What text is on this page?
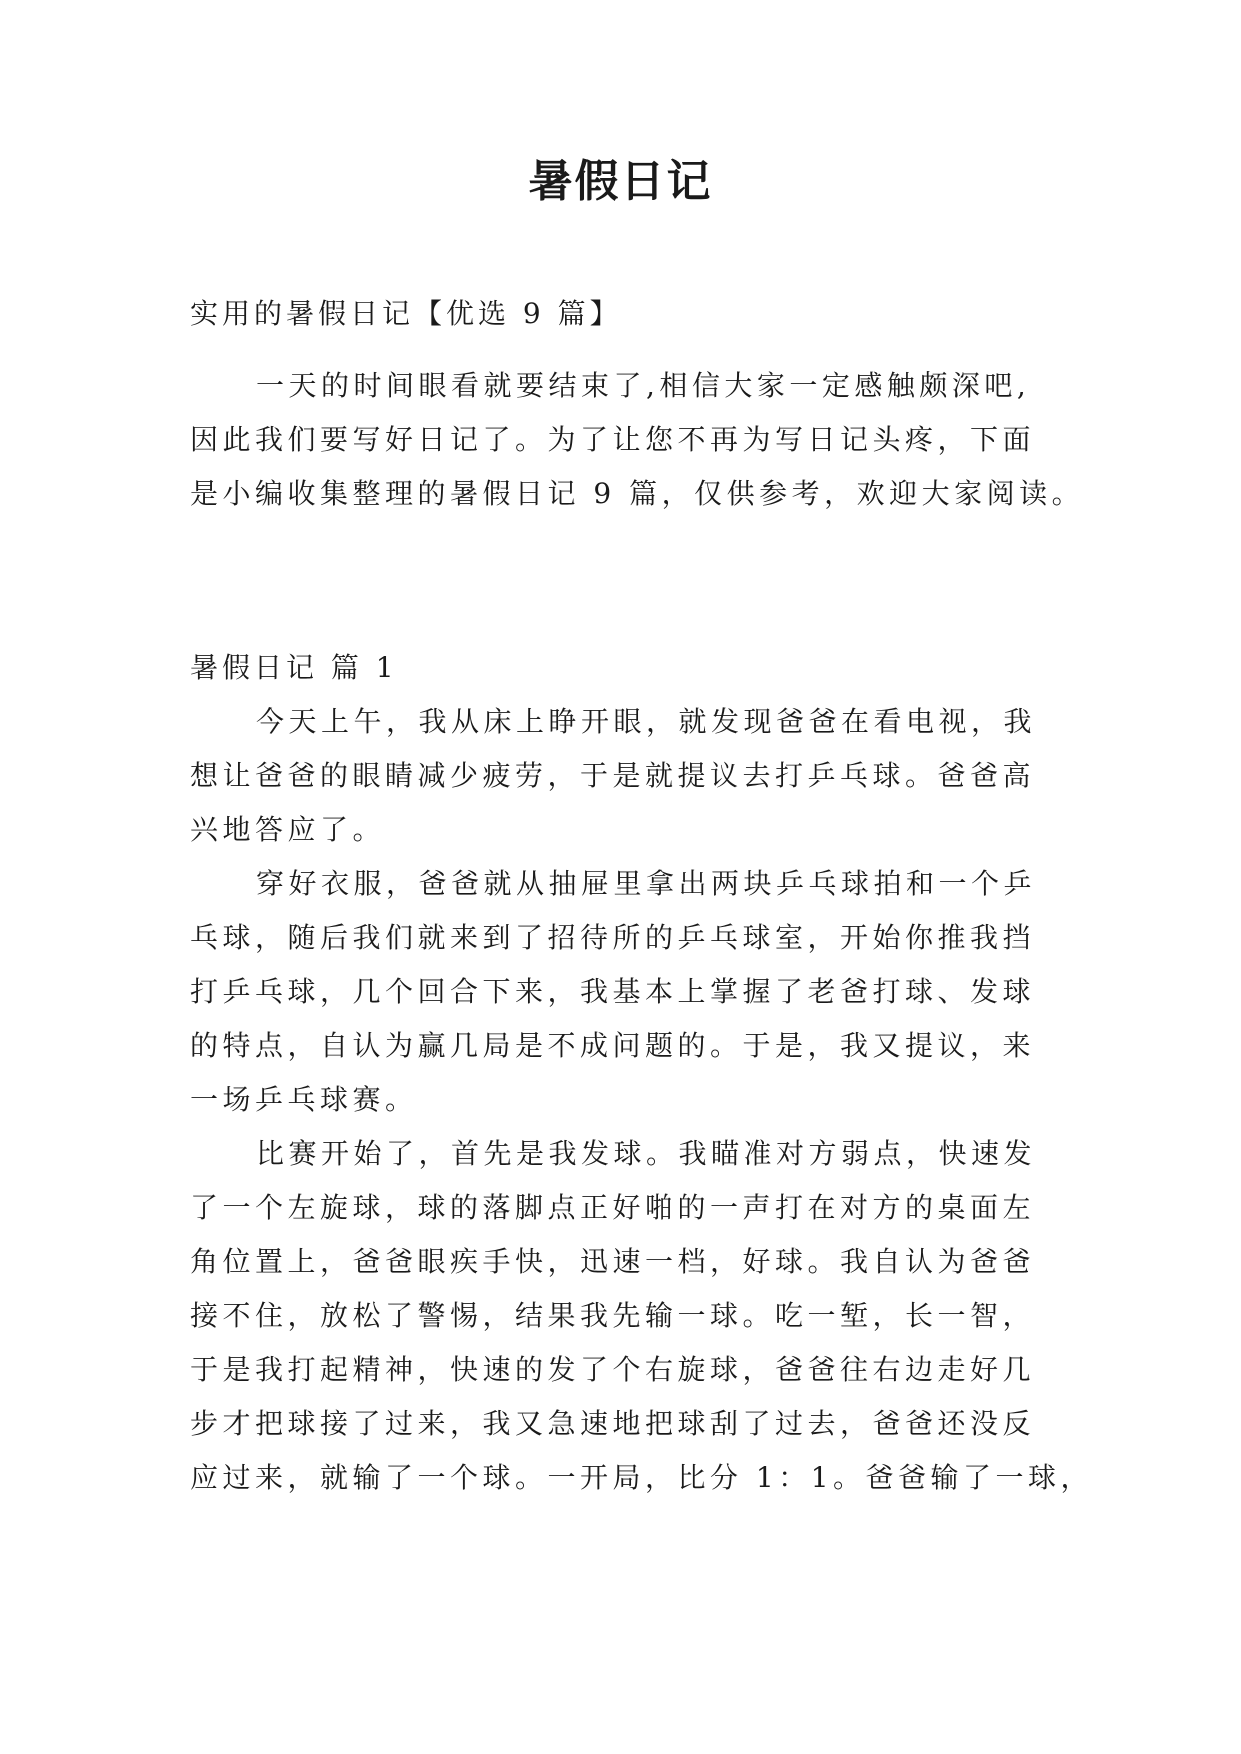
暑假日记
实用的暑假日记【优选 9 篇】
一天的时间眼看就要结束了,相信大家一定感触颇深吧,
因此我们要写好日记了。为了让您不再为写日记头疼，下面
是小编收集整理的暑假日记 9 篇，仅供参考，欢迎大家阅读。
暑假日记 篇 1
今天上午，我从床上睁开眼，就发现爸爸在看电视，我
想让爸爸的眼睛减少疲劳，于是就提议去打乒乓球。爸爸高
兴地答应了。
穿好衣服，爸爸就从抽屉里拿出两块乒乓球拍和一个乒
乓球，随后我们就来到了招待所的乒乓球室，开始你推我挡
打乒乓球，几个回合下来，我基本上掌握了老爸打球、发球
的特点，自认为赢几局是不成问题的。于是，我又提议，来
一场乒乓球赛。
比赛开始了，首先是我发球。我瞄准对方弱点，快速发
了一个左旋球，球的落脚点正好啪的一声打在对方的桌面左
角位置上，爸爸眼疾手快，迅速一档，好球。我自认为爸爸
接不住，放松了警惕，结果我先输一球。吃一堑，长一智，
于是我打起精神，快速的发了个右旋球，爸爸往右边走好几
步才把球接了过来，我又急速地把球刮了过去，爸爸还没反
应过来，就输了一个球。一开局，比分 1：1。爸爸输了一球，
